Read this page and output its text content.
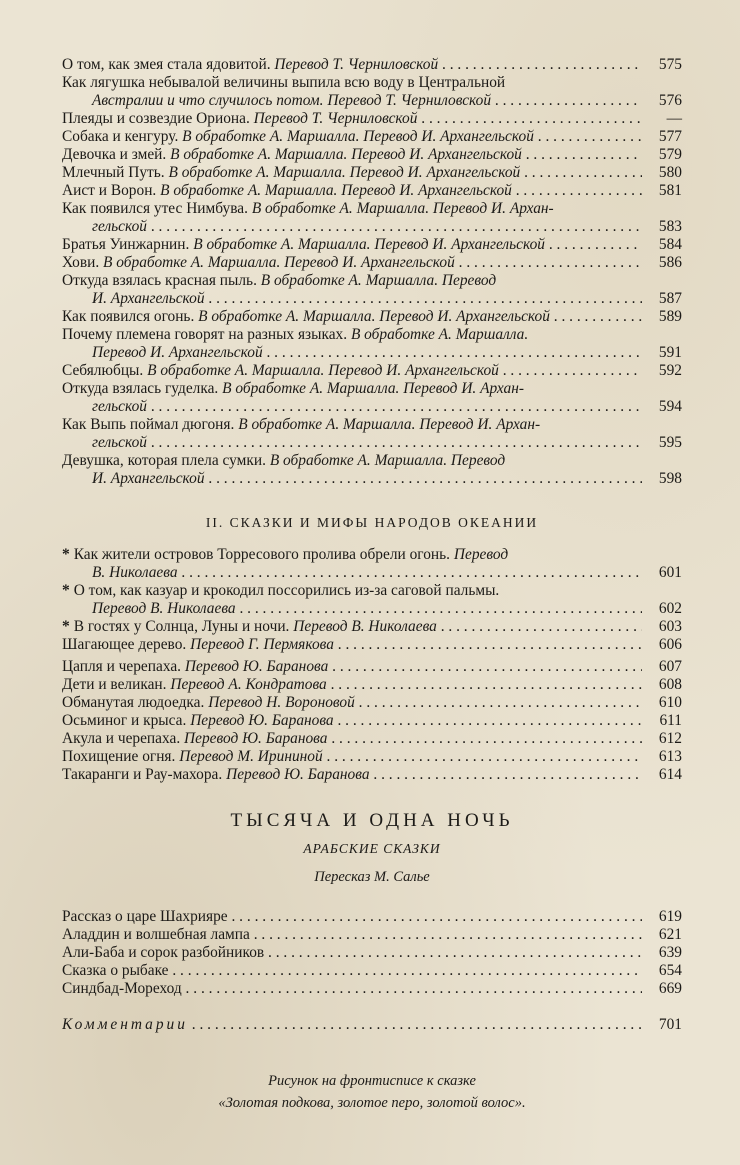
О том, как змея стала ядовитой. Перевод Т. Черниловской . . .	575
Как лягушка небывалой величины выпила всю воду в Центральной
Австралии и что случилось потом. Перевод Т. Черниловской . . .	576
Плеяды и созвездие Ориона. Перевод Т. Черниловской . . .	—
Собака и кенгуру. В обработке А. Маршалла. Перевод И. Архангельской . . .	577
Девочка и змей. В обработке А. Маршалла. Перевод И. Архангельской . . .	579
Млечный Путь. В обработке А. Маршалла. Перевод И. Архангельской . . .	580
Аист и Ворон. В обработке А. Маршалла. Перевод И. Архангельской . . .	581
Как появился утес Нимбува. В обработке А. Маршалла. Перевод И. Архан-
гельской . . .	583
Братья Уинжарнин. В обработке А. Маршалла. Перевод И. Архангельской . . .	584
Хови. В обработке А. Маршалла. Перевод И. Архангельской . . .	586
Откуда взялась красная пыль. В обработке А. Маршалла. Перевод
И. Архангельской . . .	587
Как появился огонь. В обработке А. Маршалла. Перевод И. Архангельской . . .	589
Почему племена говорят на разных языках. В обработке А. Маршалла.
Перевод И. Архангельской . . .	591
Себялюбцы. В обработке А. Маршалла. Перевод И. Архангельской . . .	592
Откуда взялась гуделка. В обработке А. Маршалла. Перевод И. Архан-
гельской . . .	594
Как Выпь поймал дюгоня. В обработке А. Маршалла. Перевод И. Архан-
гельской . . .	595
Девушка, которая плела сумки. В обработке А. Маршалла. Перевод
И. Архангельской . . .	598
II. СКАЗКИ И МИФЫ НАРОДОВ ОКЕАНИИ
* Как жители островов Торресового пролива обрели огонь. Перевод
В. Николаева . . .	601
* О том, как казуар и крокодил поссорились из-за саговой пальмы.
Перевод В. Николаева . . .	602
* В гостях у Солнца, Луны и ночи. Перевод В. Николаева . . .	603
Шагающее дерево. Перевод Г. Пермякова . . .	606
Цапля и черепаха. Перевод Ю. Баранова . . .	607
Дети и великан. Перевод А. Кондратова . . .	608
Обманутая людоедка. Перевод Н. Вороновой . . .	610
Осьминог и крыса. Перевод Ю. Баранова . . .	611
Акула и черепаха. Перевод Ю. Баранова . . .	612
Похищение огня. Перевод М. Ирининой . . .	613
Такаранги и Рау-махора. Перевод Ю. Баранова . . .	614
ТЫСЯЧА И ОДНА НОЧЬ
АРАБСКИЕ СКАЗКИ
Пересказ М. Салье
Рассказ о царе Шахрияре . . .	619
Аладдин и волшебная лампа . . .	621
Али-Баба и сорок разбойников . . .	639
Сказка о рыбаке . . .	654
Синдбад-Мореход . . .	669
Комментарии . . .	701
Рисунок на фронтисписе к сказке
«Золотая подкова, золотое перо, золотой волос».
